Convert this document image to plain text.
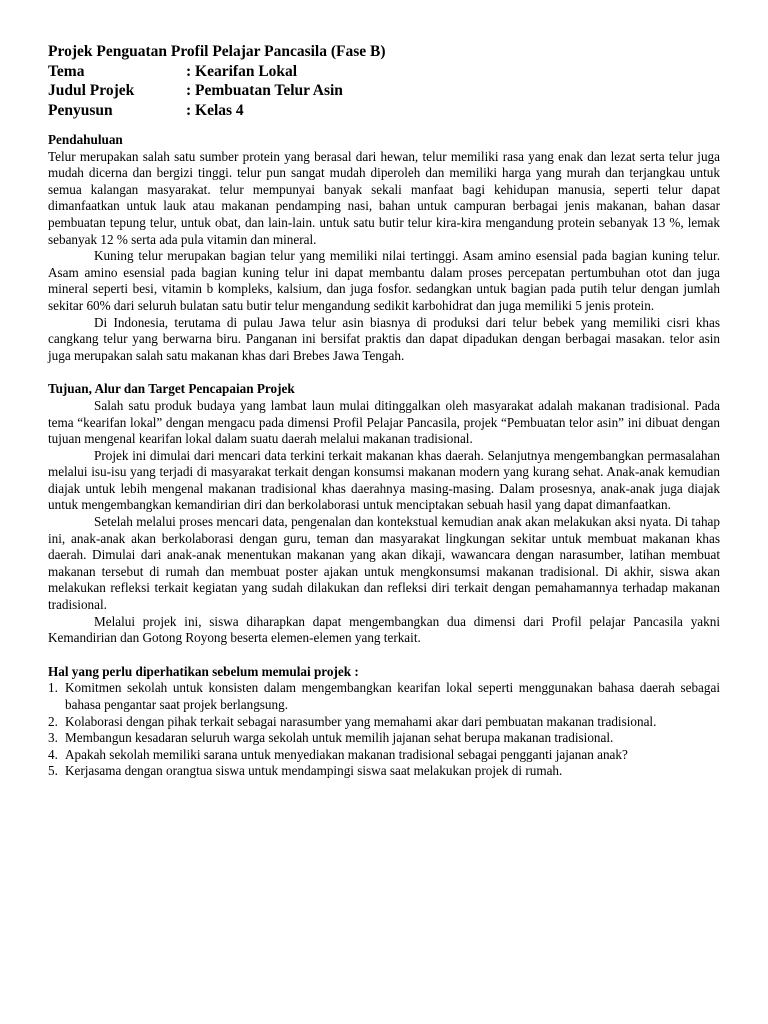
Projek Penguatan Profil Pelajar Pancasila (Fase B)
Tema	: Kearifan Lokal
Judul Projek	: Pembuatan Telur Asin
Penyusun	: Kelas 4
Pendahuluan

Telur merupakan salah satu sumber protein yang berasal dari hewan, telur memiliki rasa yang enak dan lezat serta telur juga mudah dicerna dan bergizi tinggi. telur pun sangat mudah diperoleh dan memiliki harga yang murah dan terjangkau untuk semua kalangan masyarakat. telur mempunyai banyak sekali manfaat bagi kehidupan manusia, seperti telur dapat dimanfaatkan untuk lauk atau makanan pendamping nasi, bahan untuk campuran berbagai jenis makanan, bahan dasar pembuatan tepung telur, untuk obat, dan lain-lain. untuk satu butir telur kira-kira mengandung protein sebanyak 13 %, lemak sebanyak 12 % serta ada pula vitamin dan mineral.

Kuning telur merupakan bagian telur yang memiliki nilai tertinggi. Asam amino esensial pada bagian kuning telur. Asam amino esensial pada bagian kuning telur ini dapat membantu dalam proses percepatan pertumbuhan otot dan juga mineral seperti besi, vitamin b kompleks, kalsium, dan juga fosfor. sedangkan untuk bagian pada putih telur dengan jumlah sekitar 60% dari seluruh bulatan satu butir telur mengandung sedikit karbohidrat dan juga memiliki 5 jenis protein.

Di Indonesia, terutama di pulau Jawa telur asin biasnya di produksi dari telur bebek yang memiliki cisri khas cangkang telur yang berwarna biru. Panganan ini bersifat praktis dan dapat dipadukan dengan berbagai masakan. telor asin juga merupakan salah satu makanan khas dari Brebes Jawa Tengah.

Tujuan, Alur dan Target Pencapaian Projek

Salah satu produk budaya yang lambat laun mulai ditinggalkan oleh masyarakat adalah makanan tradisional. Pada tema “kearifan lokal” dengan mengacu pada dimensi Profil Pelajar Pancasila, projek “Pembuatan telor asin” ini dibuat dengan tujuan mengenal kearifan lokal dalam suatu daerah melalui makanan tradisional.

Projek ini dimulai dari mencari data terkini terkait makanan khas daerah. Selanjutnya mengembangkan permasalahan melalui isu-isu yang terjadi di masyarakat terkait dengan konsumsi makanan modern yang kurang sehat. Anak-anak kemudian diajak untuk lebih mengenal makanan tradisional khas daerahnya masing-masing. Dalam prosesnya, anak-anak juga diajak untuk mengembangkan kemandirian diri dan berkolaborasi untuk menciptakan sebuah hasil yang dapat dimanfaatkan.

Setelah melalui proses mencari data, pengenalan dan kontekstual kemudian anak akan melakukan aksi nyata. Di tahap ini, anak-anak akan berkolaborasi dengan guru, teman dan masyarakat lingkungan sekitar untuk membuat makanan khas daerah. Dimulai dari anak-anak menentukan makanan yang akan dikaji, wawancara dengan narasumber, latihan membuat makanan tersebut di rumah dan membuat poster ajakan untuk mengkonsumsi makanan tradisional. Di akhir, siswa akan melakukan refleksi terkait kegiatan yang sudah dilakukan dan refleksi diri terkait dengan pemahamannya terhadap makanan tradisional.

Melalui projek ini, siswa diharapkan dapat mengembangkan dua dimensi dari Profil pelajar Pancasila yakni Kemandirian dan Gotong Royong beserta elemen-elemen yang terkait.

Hal yang perlu diperhatikan sebelum memulai projek :
1. Komitmen sekolah untuk konsisten dalam mengembangkan kearifan lokal seperti menggunakan bahasa daerah sebagai bahasa pengantar saat projek berlangsung.
2. Kolaborasi dengan pihak terkait sebagai narasumber yang memahami akar dari pembuatan makanan tradisional.
3. Membangun kesadaran seluruh warga sekolah untuk memilih jajanan sehat berupa makanan tradisional.
4. Apakah sekolah memiliki sarana untuk menyediakan makanan tradisional sebagai pengganti jajanan anak?
5. Kerjasama dengan orangtua siswa untuk mendampingi siswa saat melakukan projek di rumah.
